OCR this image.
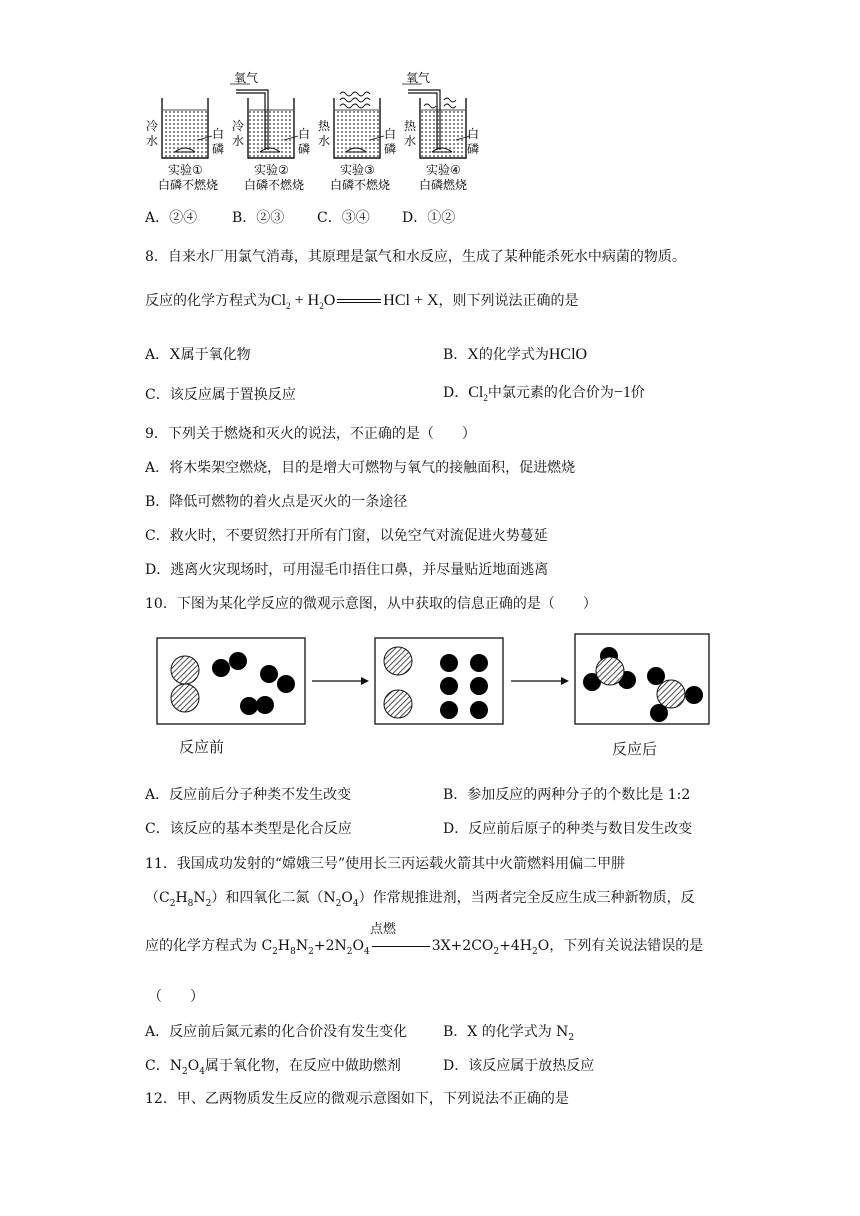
冷
水	白
磷
实验①
白磷不燃烧
氧气
冷
水	白
磷
实验②
白磷不燃烧
热
水	白
磷
实验③
白磷不燃烧
氧气
热
水	白
磷
实验④
白磷燃烧
A．②④ B．②③ C．③④ D．①②
8．自来水厂用氯气消毒，其原理是氯气和水反应，生成了某种能杀死水中病菌的物质。
反应的化学方程式为$Cl_2 + H_2O$	HCl + X，则下列说法正确的是
A．X属于氧化物	B．X的化学式为HClO
C．该反应属于置换反应	D．$Cl_2$中氯元素的化合价为−1价
9．下列关于燃烧和灭火的说法，不正确的是（　　）
A．将木柴架空燃烧，目的是增大可燃物与氧气的接触面积，促进燃烧
B．降低可燃物的着火点是灭火的一条途径
C．救火时，不要贸然打开所有门窗，以免空气对流促进火势蔓延
D．逃离火灾现场时，可用湿毛巾捂住口鼻，并尽量贴近地面逃离
10．下图为某化学反应的微观示意图，从中获取的信息正确的是（　　）
反应前	反应后
A．反应前后分子种类不发生改变	B．参加反应的两种分子的个数比是 1:2
C．该反应的基本类型是化合反应	D．反应前后原子的种类与数目发生改变
11．我国成功发射的“嫦娥三号”使用长三丙运载火箭其中火箭燃料用偏二甲肼
$(C_2H_8N_2)$和四氧化二氮$(N_2O_4)$作常规推进剂，当两者完全反应生成三种新物质，反
点燃
应的化学方程式为 $C_2H_8N_2+2N_2O_4$	$3X+2CO_2+4H_2O$，下列有关说法错误的是
（　　）
A．反应前后氮元素的化合价没有发生变化	B．X 的化学式为 $N_2$
C．$N_2O_4$属于氧化物，在反应中做助燃剂	D．该反应属于放热反应
12．甲、乙两物质发生反应的微观示意图如下，下列说法不正确的是
